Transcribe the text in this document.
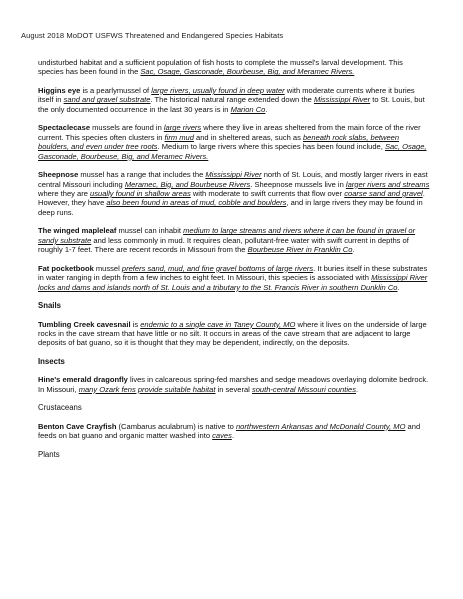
August 2018 MoDOT USFWS Threatened and Endangered Species Habitats

undisturbed habitat and a sufficient population of fish hosts to complete the mussel's larval development. This species has been found in the Sac, Osage, Gasconade, Bourbeuse, Big, and Meramec Rivers.

Higgins eye is a pearlymussel of large rivers, usually found in deep water with moderate currents where it buries itself in sand and gravel substrate. The historical natural range extended down the Mississippi River to St. Louis, but the only documented occurrence in the last 30 years is in Marion Co.

Spectaclecase mussels are found in large rivers where they live in areas sheltered from the main force of the river current. This species often clusters in firm mud and in sheltered areas, such as beneath rock slabs, between boulders, and even under tree roots. Medium to large rivers where this species has been found include, Sac, Osage, Gasconade, Bourbeuse, Big, and Meramec Rivers.

Sheepnose mussel has a range that includes the Mississippi River north of St. Louis, and mostly larger rivers in east central Missouri including Meramec, Big, and Bourbeuse Rivers. Sheepnose mussels live in larger rivers and streams where they are usually found in shallow areas with moderate to swift currents that flow over coarse sand and gravel. However, they have also been found in areas of mud, cobble and boulders, and in large rivers they may be found in deep runs.

The winged mapleleaf mussel can inhabit medium to large streams and rivers where it can be found in gravel or sandy substrate and less commonly in mud. It requires clean, pollutant-free water with swift current in depths of roughly 1-7 feet. There are recent records in Missouri from the Bourbeuse River in Franklin Co.

Fat pocketbook mussel prefers sand, mud, and fine gravel bottoms of large rivers. It buries itself in these substrates in water ranging in depth from a few inches to eight feet. In Missouri, this species is associated with Mississippi River locks and dams and islands north of St. Louis and a tributary to the St. Francis River in southern Dunklin Co.

Snails

Tumbling Creek cavesnail is endemic to a single cave in Taney County, MO where it lives on the underside of large rocks in the cave stream that have little or no silt. It occurs in areas of the cave stream that are adjacent to large deposits of bat guano, so it is thought that they may be dependent, indirectly, on the deposits.

Insects

Hine's emerald dragonfly lives in calcareous spring-fed marshes and sedge meadows overlaying dolomite bedrock. In Missouri, many Ozark fens provide suitable habitat in several south-central Missouri counties.

Crustaceans

Benton Cave Crayfish (Cambarus aculabrum) is native to northwestern Arkansas and McDonald County, MO and feeds on bat guano and organic matter washed into caves.

Plants
